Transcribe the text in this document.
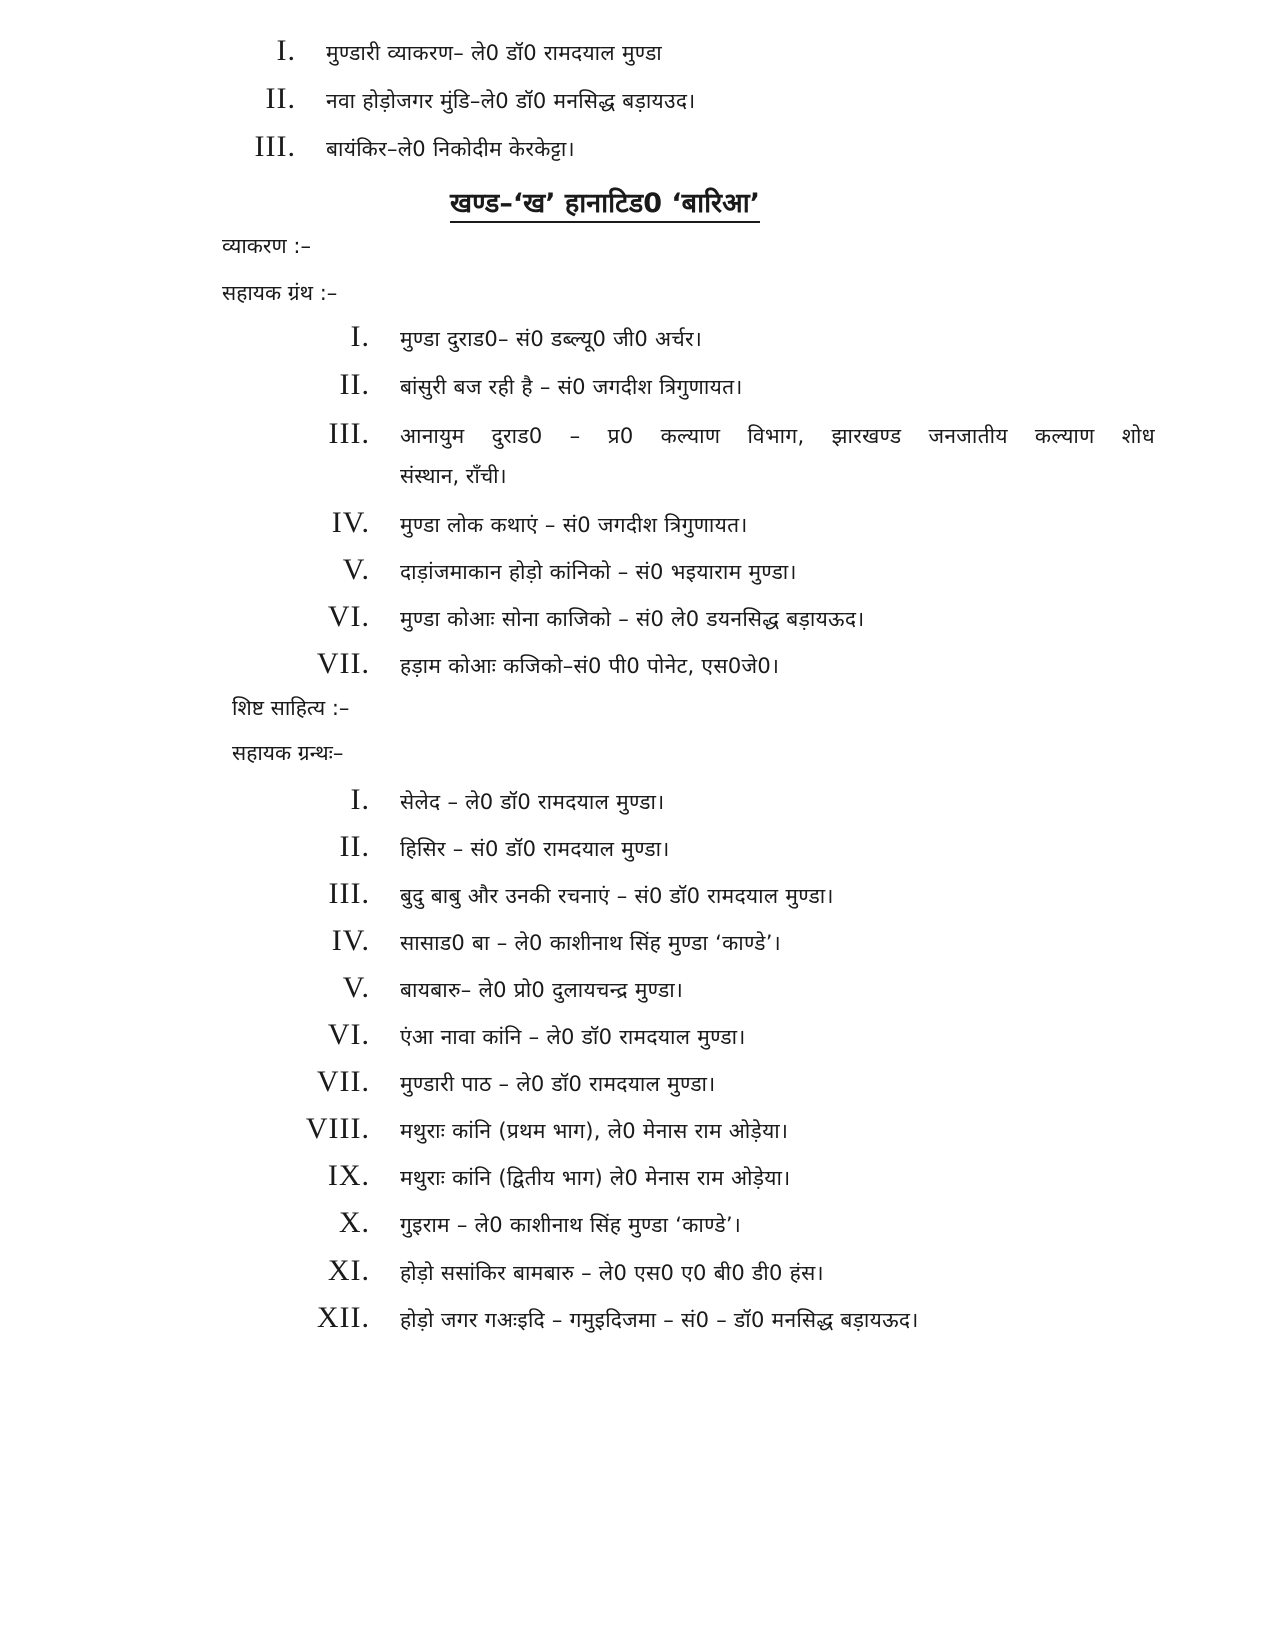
I. मुण्डारी व्याकरण– ले0 डॉ0 रामदयाल मुण्डा
II. नवा होड़ोजगर मुंडि–ले0 डॉ0 मनसिद्ध बड़ायउद।
III. बायंकिर–ले0 निकोदीम केरकेट्टा।
खण्ड–‘ख’ हानाटिड0 ‘बारिआ’
व्याकरण :–
सहायक ग्रंथ :–
I. मुण्डा दुराड0– सं0 डब्ल्यू0 जी0 अर्चर।
II. बांसुरी बज रही है – सं0 जगदीश त्रिगुणायत।
III. आनायुम दुराड0 – प्र0 कल्याण विभाग, झारखण्ड जनजातीय कल्याण शोध
संस्थान, राँची।
IV. मुण्डा लोक कथाएं – सं0 जगदीश त्रिगुणायत।
V. दाड़ांजमाकान होड़ो कांनिको – सं0 भइयाराम मुण्डा।
VI. मुण्डा कोआः सोना काजिको – सं0 ले0 डयनसिद्ध बड़ायऊद।
VII. हड़ाम कोआः कजिको–सं0 पी0 पोनेट, एस0जे0।
शिष्ट साहित्य :–
सहायक ग्रन्थः–
I. सेलेद – ले0 डॉ0 रामदयाल मुण्डा।
II. हिसिर – सं0 डॉ0 रामदयाल मुण्डा।
III. बुदु बाबु और उनकी रचनाएं – सं0 डॉ0 रामदयाल मुण्डा।
IV. सासाड0 बा – ले0 काशीनाथ सिंह मुण्डा ‘काण्डे’।
V. बायबारु– ले0 प्रो0 दुलायचन्द्र मुण्डा।
VI. एंआ नावा कांनि – ले0 डॉ0 रामदयाल मुण्डा।
VII. मुण्डारी पाठ – ले0 डॉ0 रामदयाल मुण्डा।
VIII. मथुराः कांनि (प्रथम भाग), ले0 मेनास राम ओड़ेया।
IX. मथुराः कांनि (द्वितीय भाग) ले0 मेनास राम ओड़ेया।
X. गुइराम – ले0 काशीनाथ सिंह मुण्डा ‘काण्डे’।
XI. होड़ो ससांकिर बामबारु – ले0 एस0 ए0 बी0 डी0 हंस।
XII. होड़ो जगर गअःइदि – गमुइदिजमा – सं0 – डॉ0 मनसिद्ध बड़ायऊद।
